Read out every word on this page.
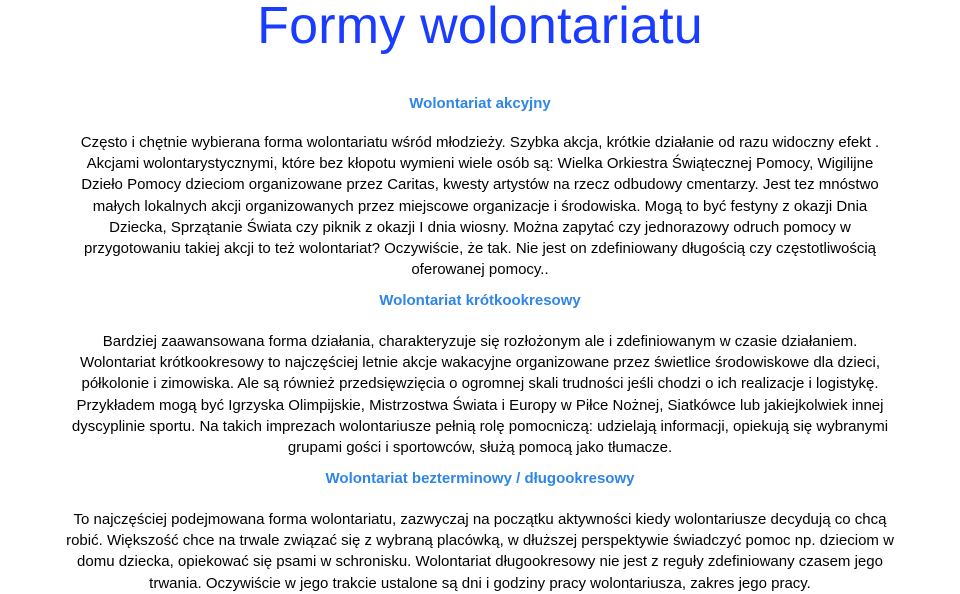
Formy wolontariatu
Wolontariat akcyjny
Często i chętnie wybierana forma wolontariatu wśród młodzieży. Szybka akcja, krótkie działanie od razu widoczny efekt .
Akcjami wolontarystycznymi, które bez kłopotu wymieni wiele osób są: Wielka Orkiestra Świątecznej Pomocy, Wigilijne
Dzieło Pomocy dzieciom organizowane przez Caritas, kwesty artystów na rzecz odbudowy cmentarzy. Jest tez mnóstwo
małych lokalnych akcji organizowanych przez miejscowe organizacje i środowiska. Mogą to być festyny z okazji Dnia
Dziecka, Sprzątanie Świata czy piknik z okazji I dnia wiosny. Można zapytać czy jednorazowy odruch pomocy w
przygotowaniu takiej akcji to też wolontariat? Oczywiście, że tak. Nie jest on zdefiniowany długością czy częstotliwością
oferowanej pomocy..
Wolontariat krótkookresowy
Bardziej zaawansowana forma działania, charakteryzuje się rozłożonym ale i zdefiniowanym w czasie działaniem.
Wolontariat krótkookresowy to najczęściej letnie akcje wakacyjne organizowane przez świetlice środowiskowe dla dzieci,
półkolonie i zimowiska. Ale są również przedsięwzięcia o ogromnej skali trudności jeśli chodzi o ich realizacje i logistykę.
Przykładem mogą być Igrzyska Olimpijskie, Mistrzostwa Świata i Europy w Piłce Nożnej, Siatkówce lub jakiejkolwiek innej
dyscyplinie sportu. Na takich imprezach wolontariusze pełnią rolę pomocniczą: udzielają informacji, opiekują się wybranymi
grupami gości i sportowców, służą pomocą jako tłumacze.
Wolontariat bezterminowy / długookresowy
To najczęściej podejmowana forma wolontariatu, zazwyczaj na początku aktywności kiedy wolontariusze decydują co chcą
robić. Większość chce na trwale związać się z wybraną placówką, w dłuższej perspektywie świadczyć pomoc np. dzieciom w
domu dziecka, opiekować się psami w schronisku. Wolontariat długookresowy nie jest z reguły zdefiniowany czasem jego
trwania. Oczywiście w jego trakcie ustalone są dni i godziny pracy wolontariusza, zakres jego pracy.
